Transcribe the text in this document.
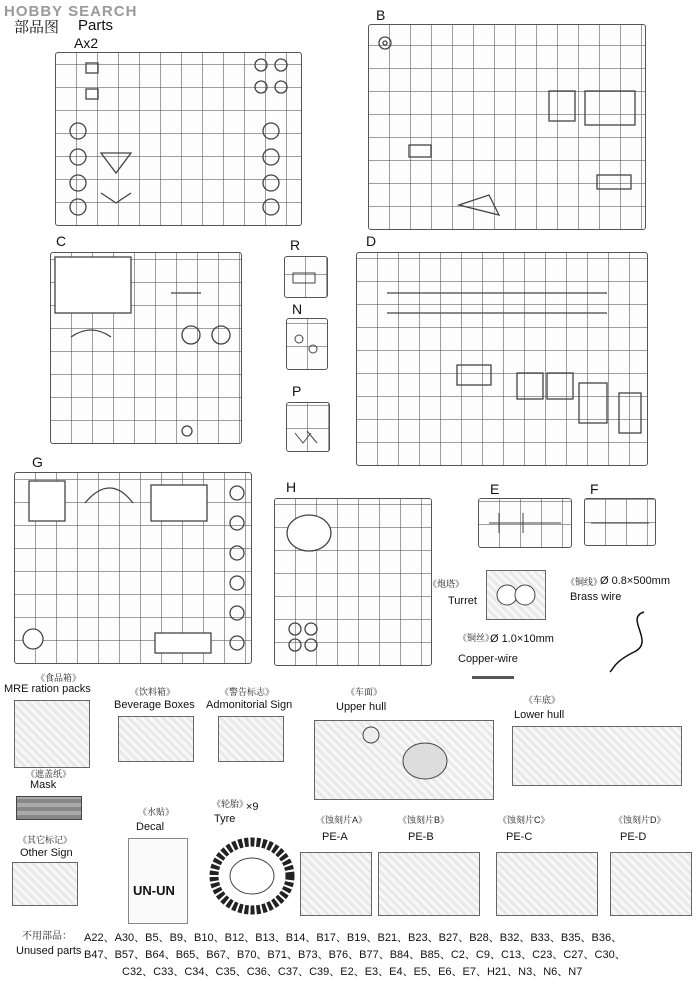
HOBBY SEARCH
部品图 Parts
Ax2
B
C	R
N
P
D
G
H	E	F
《炮塔》
Turret
《铜线》
Ø 0.8×500mm
Brass wire
《铜丝》
Ø 1.0×10mm
Copper-wire
《食品箱》
MRE ration packs	《饮料箱》
Beverage Boxes
《警告标志》
Admonitorial Sign
《车面》
Upper hull
《车底》
Lower hull
《遮盖纸》
Mask
《水贴》
Decal
UN-UN
《轮胎》
×9
Tyre
《其它标记》
Other Sign
《蚀刻片A》
PE-A
《蚀刻片B》
PE-B
《蚀刻片C》
PE-C
《蚀刻片D》
PE-D
不用部品：
Unused parts
A22、A30、B5、B9、B10、B12、B13、B14、B17、B19、B21、B23、B27、B28、B32、B33、B35、B36、
B47、B57、B64、B65、B67、B70、B71、B73、B76、B77、B84、B85、C2、C9、C13、C23、C27、C30、
C32、C33、C34、C35、C36、C37、C39、E2、E3、E4、E5、E6、E7、H21、N3、N6、N7
